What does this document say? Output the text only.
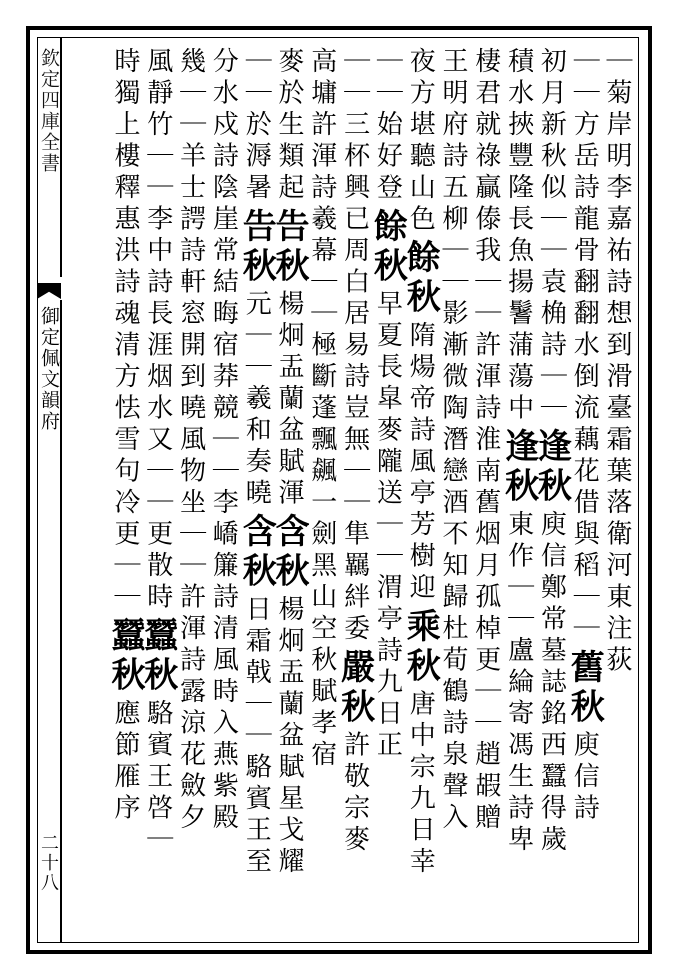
欽定四庫全書
御定佩文韻府
二十八
｜菊岸明李嘉祐詩想到滑臺霜葉落衛河東注荻
｜｜方岳詩龍骨翻翻水倒流藕花借與稻｜｜舊秋庾信詩
初月新秋似｜｜袁桷詩｜｜逢秋庾信鄭常墓誌銘西蠶得歲
積水挾豐隆長魚揚鬐蒲蕩中逢秋東作｜｜盧綸寄馮生詩卑
棲君就祿贏傣我｜｜許渾詩淮南舊烟月孤棹更｜｜趙嘏贈
王明府詩五柳｜｜影漸微陶潛戀酒不知歸杜荀鶴詩泉聲入
夜方堪聽山色餘秋隋煬帝詩風亭芳樹迎乘秋唐中宗九日幸
｜｜始好登餘秋早夏長皐麥隴送｜｜渭亭詩九日正
｜｜三杯興已周白居易詩豈無｜｜隼羈絆委嚴秋許敬宗麥
高墉許渾詩羲幕｜｜極斷蓬飄飆一劍黑山空秋賦孝宿
麥於生類起告秋楊炯盂蘭盆賦渾含秋楊炯盂蘭盆賦星戈耀
｜｜於溽暑告秋元｜｜羲和奏曉含秋日霜戟｜｜駱賓王至
分水戍詩陰崖常結晦宿莽競｜｜李嶠簾詩清風時入燕紫殿
幾｜｜羊士諤詩軒窓開到曉風物坐｜｜許渾詩露涼花斂夕
風靜竹｜｜李中詩長涯烟水又｜｜更散時蠶秋駱賓王啓｜
時獨上樓釋惠洪詩魂清方怯雪句冷更｜｜蠶秋應節雁序
